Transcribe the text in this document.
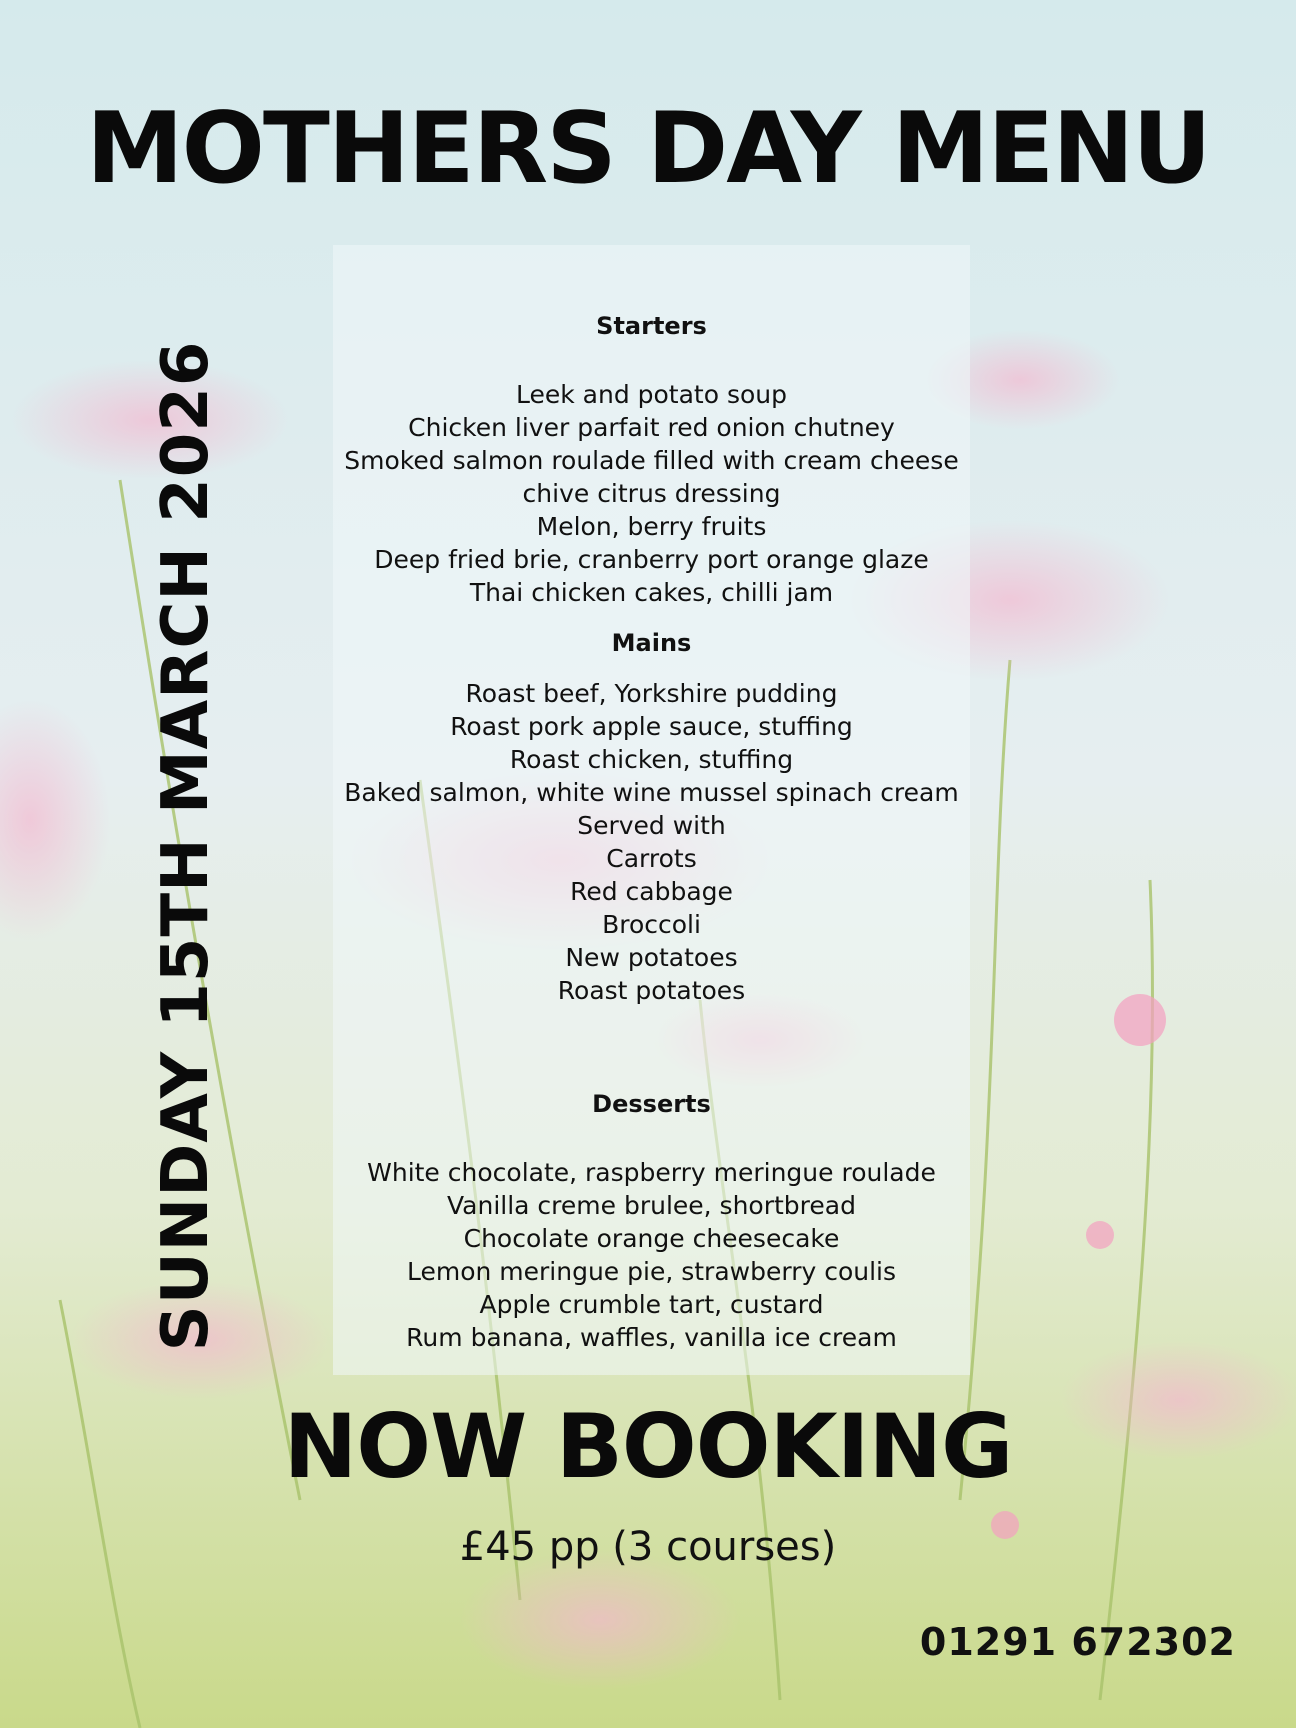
MOTHERS DAY MENU
SUNDAY 15TH MARCH 2026
Starters
Leek and potato soup
Chicken liver parfait red onion chutney
Smoked salmon roulade filled with cream cheese
chive citrus dressing
Melon, berry fruits
Deep fried brie, cranberry port orange glaze
Thai chicken cakes, chilli jam
Mains
Roast beef, Yorkshire pudding
Roast pork apple sauce, stuffing
Roast chicken, stuffing
Baked salmon, white wine mussel spinach cream
Served with
Carrots
Red cabbage
Broccoli
New potatoes
Roast potatoes
Desserts
White chocolate, raspberry meringue roulade
Vanilla creme brulee, shortbread
Chocolate orange cheesecake
Lemon meringue pie, strawberry coulis
Apple crumble tart, custard
Rum banana, waffles, vanilla ice cream
NOW BOOKING
£45 pp (3 courses)
01291 672302
